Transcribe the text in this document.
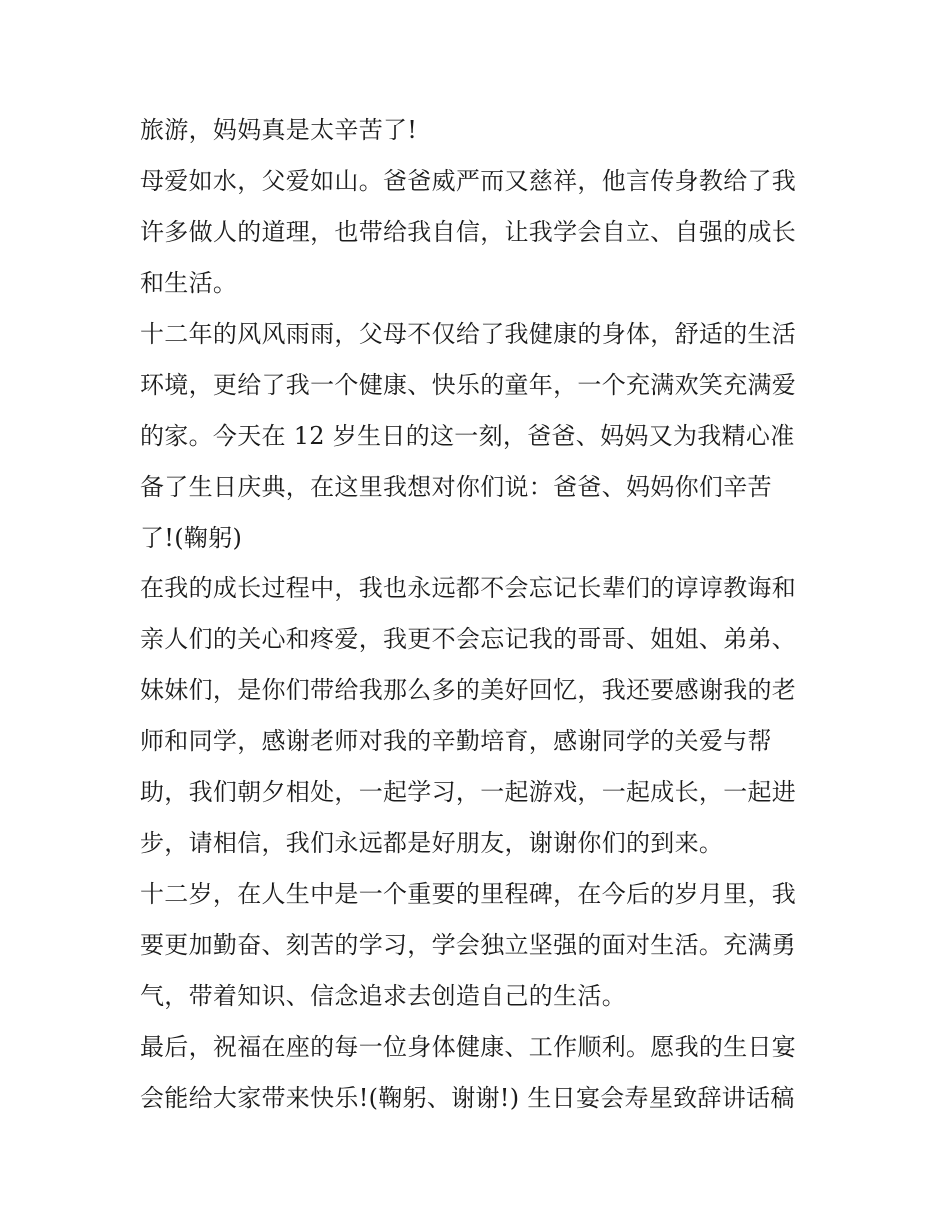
旅游，妈妈真是太辛苦了!
母爱如水，父爱如山。爸爸威严而又慈祥，他言传身教给了我
许多做人的道理，也带给我自信，让我学会自立、自强的成长
和生活。
十二年的风风雨雨，父母不仅给了我健康的身体，舒适的生活
环境，更给了我一个健康、快乐的童年，一个充满欢笑充满爱
的家。今天在 12 岁生日的这一刻，爸爸、妈妈又为我精心准
备了生日庆典，在这里我想对你们说：爸爸、妈妈你们辛苦
了!(鞠躬)
在我的成长过程中，我也永远都不会忘记长辈们的谆谆教诲和
亲人们的关心和疼爱，我更不会忘记我的哥哥、姐姐、弟弟、
妹妹们，是你们带给我那么多的美好回忆，我还要感谢我的老
师和同学，感谢老师对我的辛勤培育，感谢同学的关爱与帮
助，我们朝夕相处，一起学习，一起游戏，一起成长，一起进
步，请相信，我们永远都是好朋友，谢谢你们的到来。
十二岁，在人生中是一个重要的里程碑，在今后的岁月里，我
要更加勤奋、刻苦的学习，学会独立坚强的面对生活。充满勇
气，带着知识、信念追求去创造自己的生活。
最后，祝福在座的每一位身体健康、工作顺利。愿我的生日宴
会能给大家带来快乐!(鞠躬、谢谢!) 生日宴会寿星致辞讲话稿
